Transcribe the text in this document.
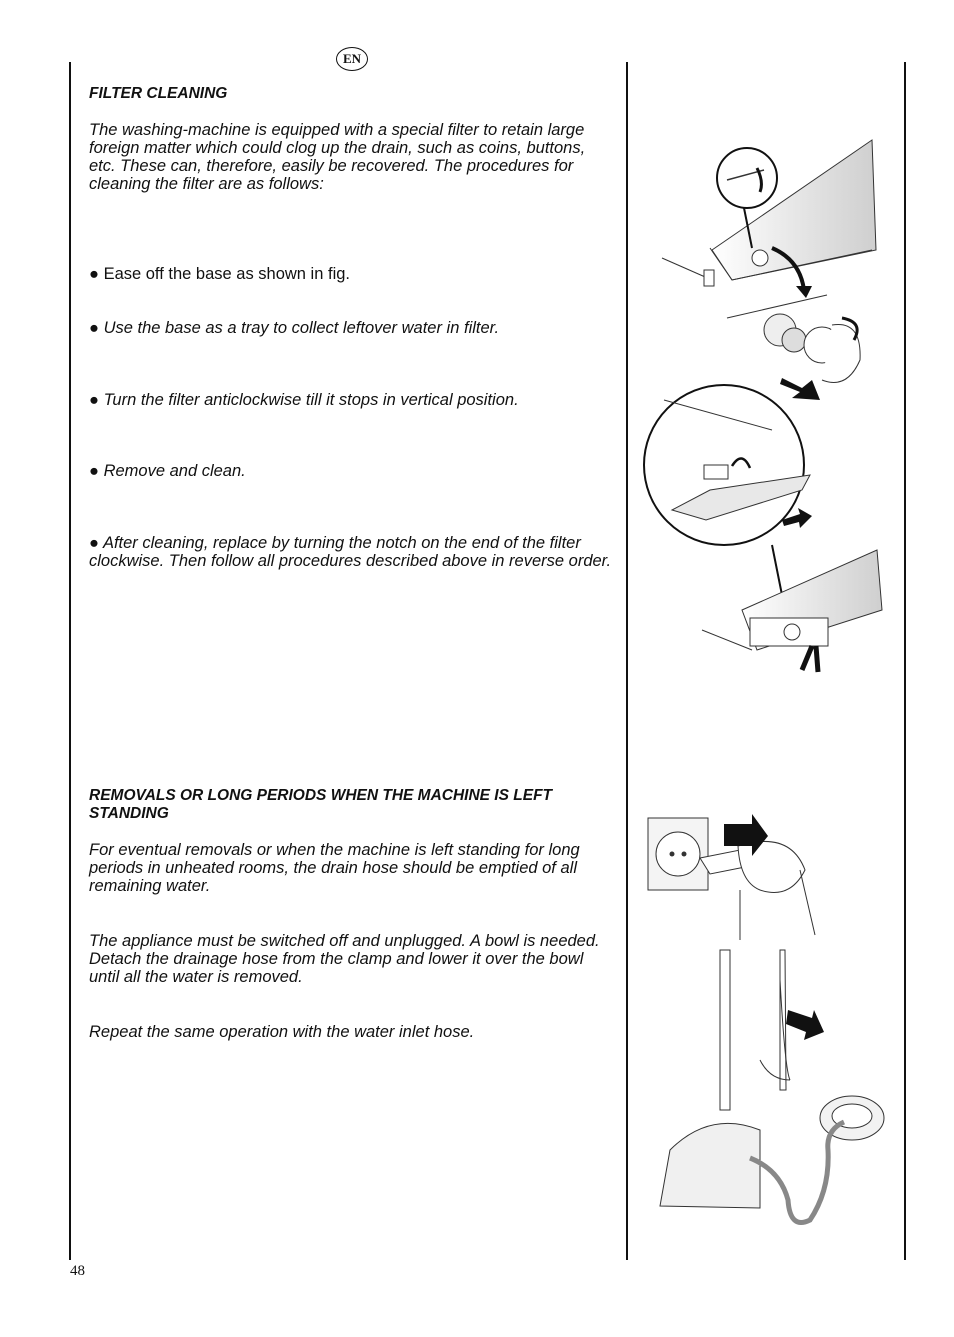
EN

FILTER CLEANING

The washing-machine is equipped with a special filter to retain large foreign matter which could clog up the drain, such as coins, buttons, etc. These can, therefore, easily be recovered. The procedures for cleaning the filter are as follows:

● Ease off the base as shown in fig.

● Use the base as a tray to collect leftover water in filter.

● Turn the filter anticlockwise till it stops in vertical position.

● Remove and clean.

● After cleaning, replace by turning the notch on the end of the filter clockwise. Then follow all procedures described above in reverse order.

REMOVALS OR LONG PERIODS WHEN THE MACHINE IS LEFT STANDING

For eventual removals or when the machine is left standing for long periods in unheated rooms, the drain hose should be emptied of all remaining water.

The appliance must be switched off and unplugged. A bowl is needed. Detach the drainage hose from the clamp and lower it over the bowl until all the water is removed.

Repeat the same operation with the water inlet hose.

48
